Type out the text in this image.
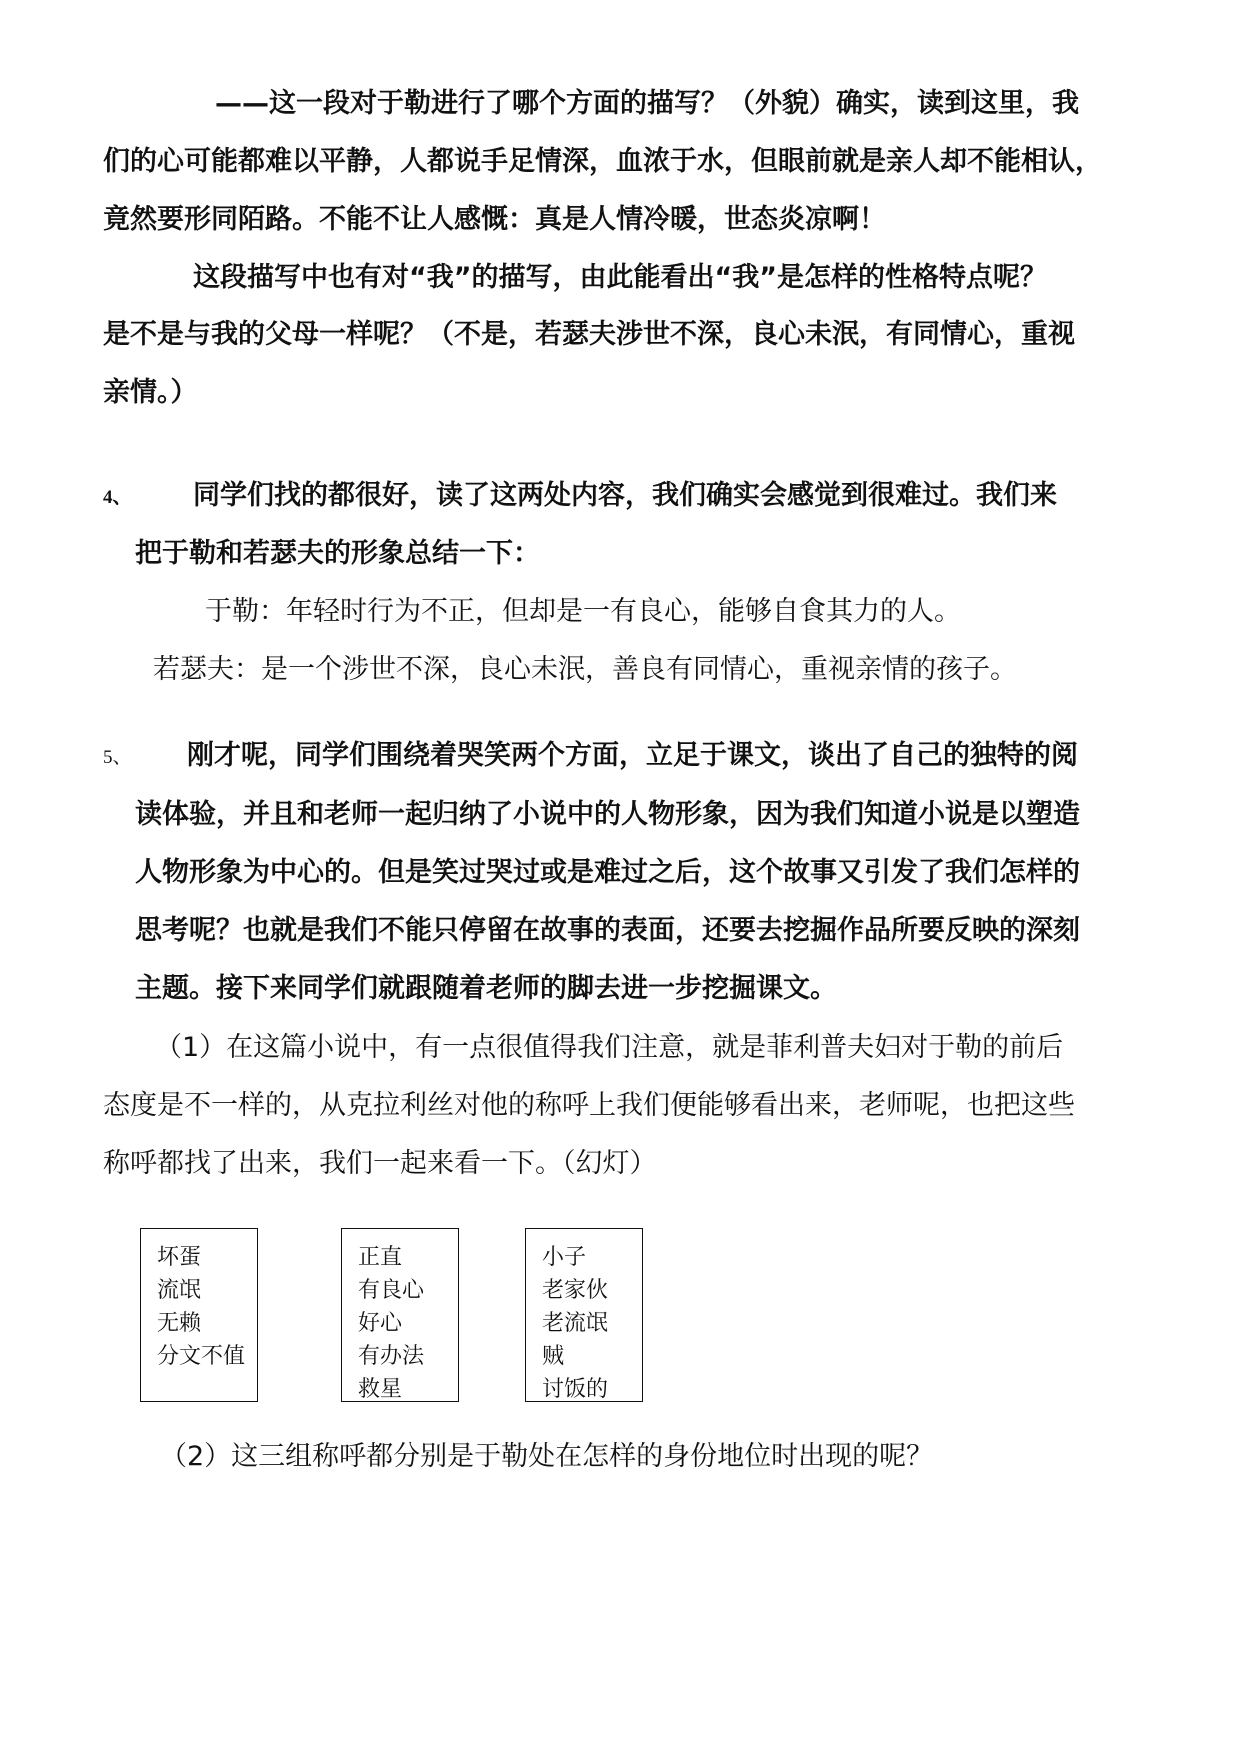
——这一段对于勒进行了哪个方面的描写？（外貌）确实，读到这里，我
们的心可能都难以平静，人都说手足情深，血浓于水，但眼前就是亲人却不能相认，
竟然要形同陌路。不能不让人感慨：真是人情冷暖，世态炎凉啊！
这段描写中也有对“我”的描写，由此能看出“我”是怎样的性格特点呢？
是不是与我的父母一样呢？（不是，若瑟夫涉世不深，良心未泯，有同情心，重视
亲情。）
4、 同学们找的都很好，读了这两处内容，我们确实会感觉到很难过。我们来
把于勒和若瑟夫的形象总结一下：
于勒：年轻时行为不正，但却是一有良心，能够自食其力的人。
若瑟夫：是一个涉世不深，良心未泯，善良有同情心，重视亲情的孩子。
5、 刚才呢，同学们围绕着哭笑两个方面，立足于课文，谈出了自己的独特的阅
读体验，并且和老师一起归纳了小说中的人物形象，因为我们知道小说是以塑造
人物形象为中心的。但是笑过哭过或是难过之后，这个故事又引发了我们怎样的
思考呢？也就是我们不能只停留在故事的表面，还要去挖掘作品所要反映的深刻
主题。接下来同学们就跟随着老师的脚去进一步挖掘课文。
（1）在这篇小说中，有一点很值得我们注意，就是菲利普夫妇对于勒的前后
态度是不一样的，从克拉利丝对他的称呼上我们便能够看出来，老师呢，也把这些
称呼都找了出来，我们一起来看一下。（幻灯）
坏蛋
流氓
无赖
分文不值
正直
有良心
好心
有办法
救星
小子
老家伙
老流氓
贼
讨饭的
（2）这三组称呼都分别是于勒处在怎样的身份地位时出现的呢？
